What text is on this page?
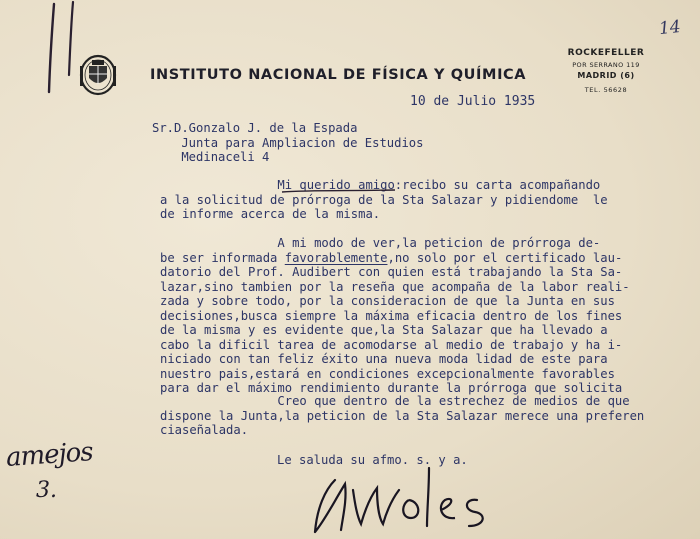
14
INSTITUTO NACIONAL DE FÍSICA Y QUÍMICA
ROCKEFELLER
POR SERRANO 119
MADRID (6)
TEL. 56628
10 de Julio 1935
Sr.D.Gonzalo J. de la Espada
Junta para Ampliacion de Estudios
Medinaceli 4
Mi querido amigo:recibo su carta acompañando
a la solicitud de prórroga de la Sta Salazar y pidiendome  le
de informe acerca de la misma.
A mi modo de ver,la peticion de prórroga de-
be ser informada favorablemente,no solo por el certificado lau-
datorio del Prof. Audibert con quien está trabajando la Sta Sa-
lazar,sino tambien por la reseña que acompaña de la labor reali-
zada y sobre todo, por la consideracion de que la Junta en sus
decisiones,busca siempre la máxima eficacia dentro de los fines
de la misma y es evidente que,la Sta Salazar que ha llevado a
cabo la dificil tarea de acomodarse al medio de trabajo y ha i-
niciado con tan feliz éxito una nueva moda lidad de este para
nuestro pais,estará en condiciones excepcionalmente favorables
para dar el máximo rendimiento durante la prórroga que solicita
Creo que dentro de la estrechez de medios de que
dispone la Junta,la peticion de la Sta Salazar merece una preferen
ciaseñalada.
Le saluda su afmo. s. y a.
amejos
3.
